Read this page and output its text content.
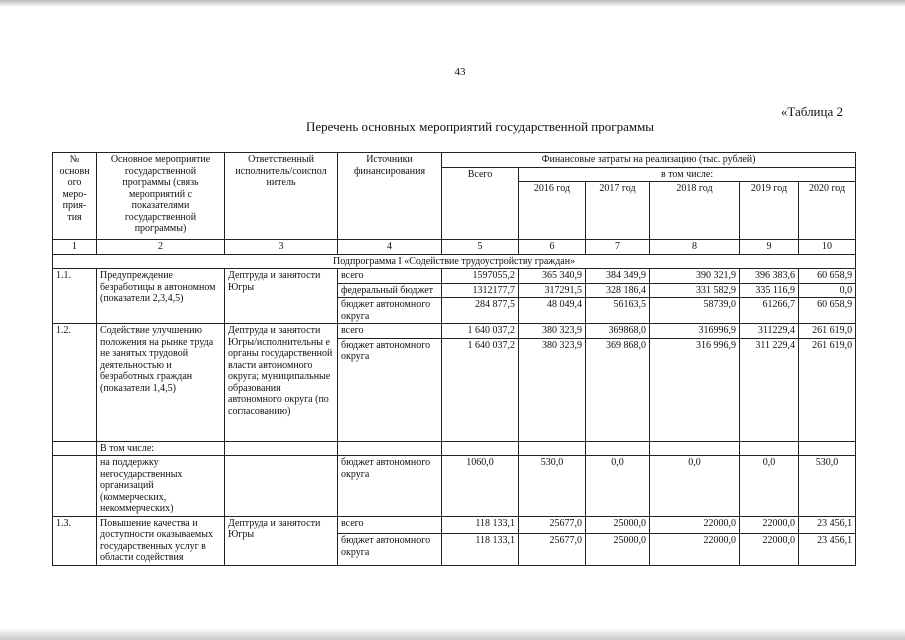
43
«Таблица 2
Перечень основных мероприятий государственной программы
№ основн ого меро- прия- тия	Основное мероприятие государственной программы (связь мероприятий с показателями государственной программы)	Ответственный исполнитель/соиспол нитель	Источники финансирования	Финансовые затраты на реализацию (тыс. рублей)					
				Всего	в том числе:				
					2016 год	2017 год	2018 год	2019 год	2020 год
1	2	3	4	5	6	7	8	9	10
Подпрограмма I «Содействие трудоустройству граждан»									
1.1.	Предупреждение безработицы в автономном (показатели 2,3,4,5)	Дептруда и занятости Югры	всего	1597055,2	365 340,9	384 349,9	390 321,9	396 383,6	60 658,9
			федеральный бюджет	1312177,7	317291,5	328 186,4	331 582,9	335 116,9	0,0
			бюджет автономного округа	284 877,5	48 049,4	56163,5	58739,0	61266,7	60 658,9
1.2.	Содействие улучшению положения на рынке труда не занятых трудовой деятельностью и безработных граждан (показатели 1,4,5)	Дептруда и занятости Югры/исполнительны е органы государственной власти автономного округа; муниципальные образования автономного округа (по согласованию)	всего	1 640 037,2	380 323,9	369868,0	316996,9	311229,4	261 619,0
			бюджет автономного округа	1 640 037,2	380 323,9	369 868,0	316 996,9	311 229,4	261 619,0
	В том числе:								
	на поддержку негосударственных организаций (коммерческих, некоммерческих)		бюджет автономного округа	1060,0	530,0	0,0	0,0	0,0	530,0
1.3.	Повышение качества и доступности оказываемых государственных услуг в области содействия	Дептруда и занятости Югры	всего	118 133,1	25677,0	25000,0	22000,0	22000,0	23 456,1
			бюджет автономного округа	118 133,1	25677,0	25000,0	22000,0	22000,0	23 456,1
